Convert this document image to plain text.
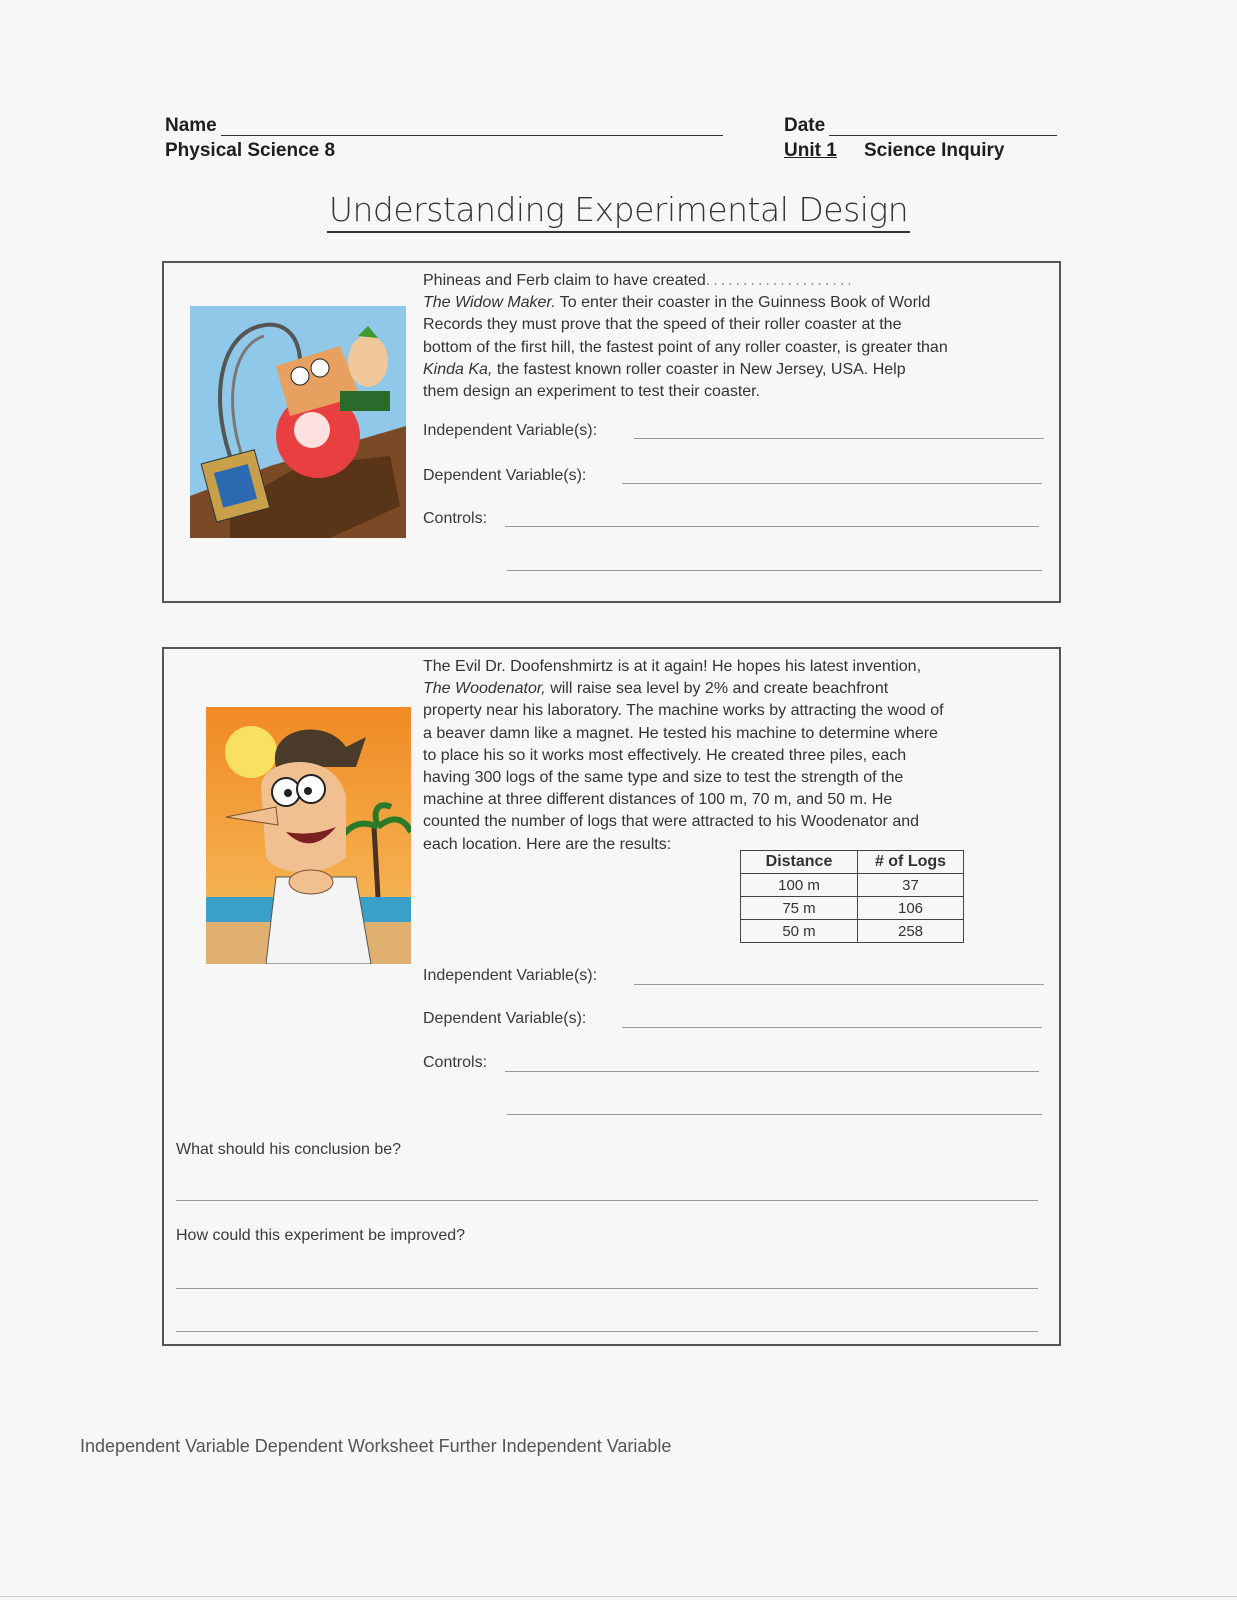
Name
Physical Science 8
Date
Unit 1 Science Inquiry
Understanding Experimental Design
Phineas and Ferb claim to have created....................
The Widow Maker. To enter their coaster in the Guinness Book of World
Records they must prove that the speed of their roller coaster at the
bottom of the first hill, the fastest point of any roller coaster, is greater than
Kinda Ka, the fastest known roller coaster in New Jersey, USA. Help
them design an experiment to test their coaster.
Independent Variable(s):
Dependent Variable(s):
Controls:
The Evil Dr. Doofenshmirtz is at it again! He hopes his latest invention,
The Woodenator, will raise sea level by 2% and create beachfront
property near his laboratory. The machine works by attracting the wood of
a beaver damn like a magnet. He tested his machine to determine where
to place his so it works most effectively. He created three piles, each
having 300 logs of the same type and size to test the strength of the
machine at three different distances of 100 m, 70 m, and 50 m. He
counted the number of logs that were attracted to his Woodenator and
each location. Here are the results:
Distance	# of Logs
100 m	37
75 m	106
50 m	258
Independent Variable(s):
Dependent Variable(s):
Controls:
What should his conclusion be?
How could this experiment be improved?
Independent Variable Dependent Worksheet Further Independent Variable
